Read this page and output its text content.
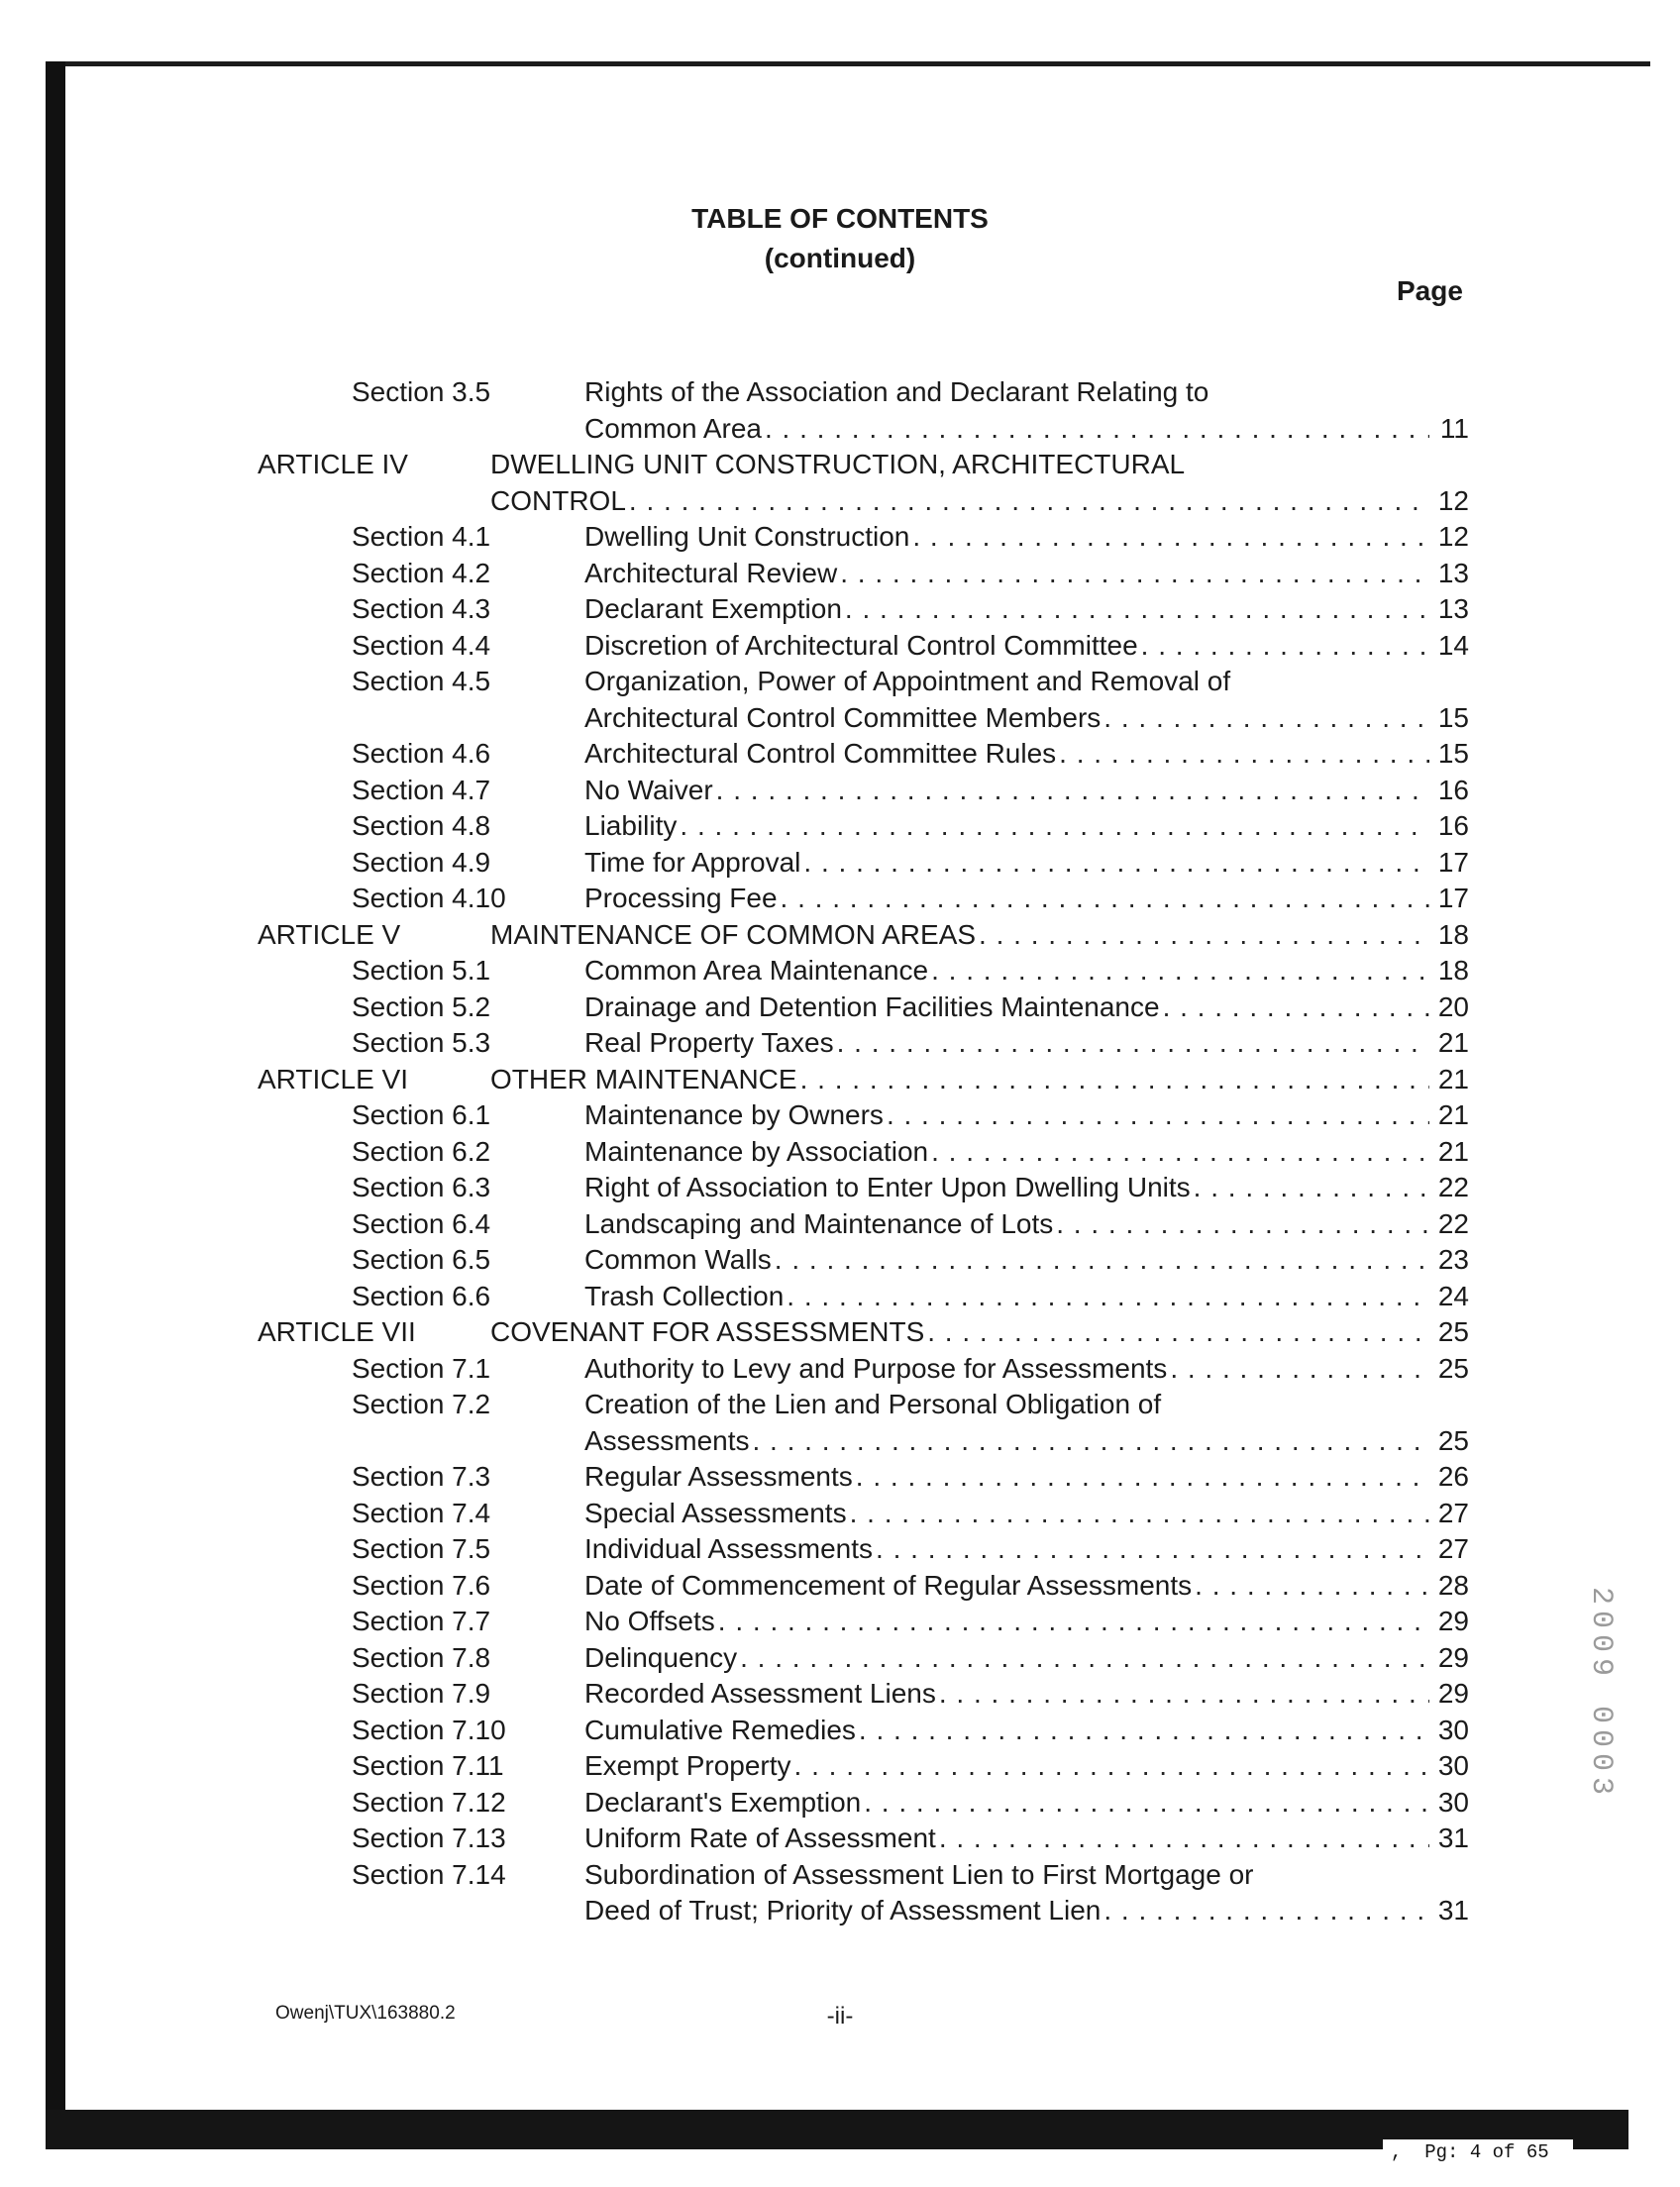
TABLE OF CONTENTS
(continued)
Page
Section 3.5	Rights of the Association and Declarant Relating to
Common Area . . .	11
ARTICLE IV	DWELLING UNIT CONSTRUCTION, ARCHITECTURAL
CONTROL . . .	12
Section 4.1	Dwelling Unit Construction . . .	12
Section 4.2	Architectural Review . . .	13
Section 4.3	Declarant Exemption . . .	13
Section 4.4	Discretion of Architectural Control Committee . . .	14
Section 4.5	Organization, Power of Appointment and Removal of
Architectural Control Committee Members . . .	15
Section 4.6	Architectural Control Committee Rules . . .	15
Section 4.7	No Waiver . . .	16
Section 4.8	Liability . . .	16
Section 4.9	Time for Approval . . .	17
Section 4.10	Processing Fee . . .	17
ARTICLE V	MAINTENANCE OF COMMON AREAS . . .	18
Section 5.1	Common Area Maintenance . . .	18
Section 5.2	Drainage and Detention Facilities Maintenance . . .	20
Section 5.3	Real Property Taxes . . .	21
ARTICLE VI	OTHER MAINTENANCE . . .	21
Section 6.1	Maintenance by Owners . . .	21
Section 6.2	Maintenance by Association . . .	21
Section 6.3	Right of Association to Enter Upon Dwelling Units . . .	22
Section 6.4	Landscaping and Maintenance of Lots . . .	22
Section 6.5	Common Walls . . .	23
Section 6.6	Trash Collection . . .	24
ARTICLE VII	COVENANT FOR ASSESSMENTS . . .	25
Section 7.1	Authority to Levy and Purpose for Assessments . . .	25
Section 7.2	Creation of the Lien and Personal Obligation of
Assessments . . .	25
Section 7.3	Regular Assessments . . .	26
Section 7.4	Special Assessments . . .	27
Section 7.5	Individual Assessments . . .	27
Section 7.6	Date of Commencement of Regular Assessments . . .	28
Section 7.7	No Offsets . . .	29
Section 7.8	Delinquency . . .	29
Section 7.9	Recorded Assessment Liens . . .	29
Section 7.10	Cumulative Remedies . . .	30
Section 7.11	Exempt Property . . .	30
Section 7.12	Declarant's Exemption . . .	30
Section 7.13	Uniform Rate of Assessment . . .	31
Section 7.14	Subordination of Assessment Lien to First Mortgage or
Deed of Trust; Priority of Assessment Lien . . .	31
Owenj\TUX\163880.2	-ii-
2009 0003
,  Pg: 4 of 65
